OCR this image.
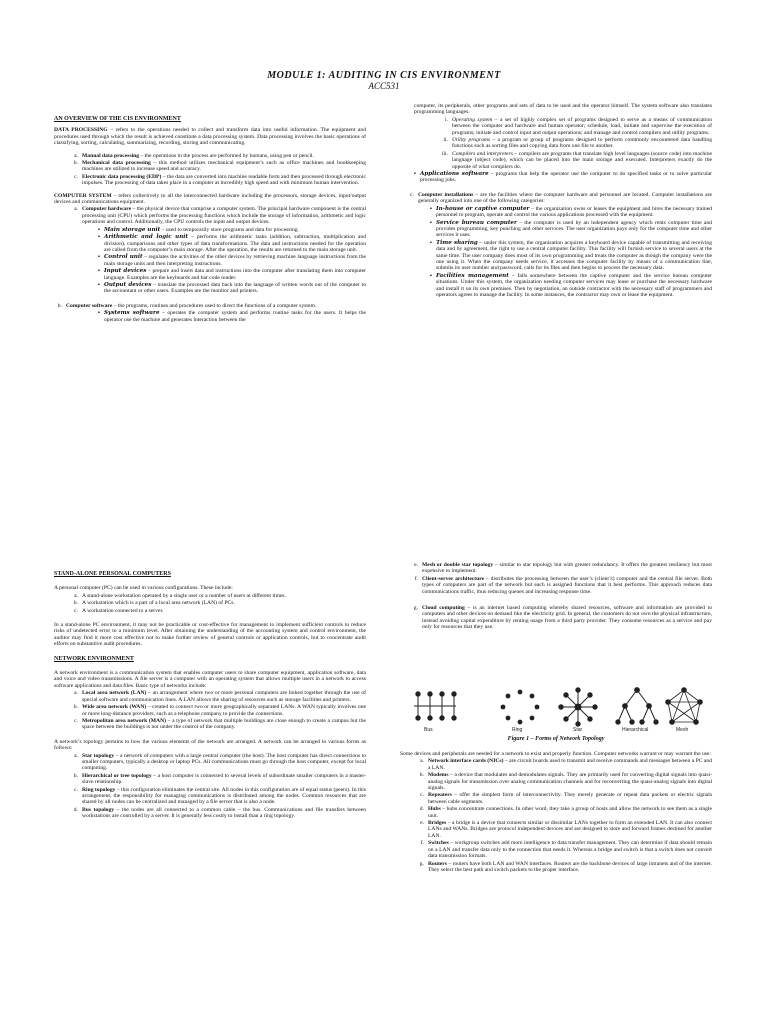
MODULE 1: AUDITING IN CIS ENVIRONMENT
ACC531
AN OVERVIEW OF THE CIS ENVIRONMENT

DATA PROCESSING – refers to the operations needed to collect and transform data into useful information. The equipment and procedures used through which the result is achieved constitute a data processing system. Data processing involves the basic operations of classifying, sorting, calculating, summarizing, recording, storing and communicating.

a. Manual data processing – the operations in the process are performed by humans, using pen or pencil.
b. Mechanical data processing – this method utilizes mechanical equipment’s such as office machines and bookkeeping machines are utilized to increase speed and accuracy.
c. Electronic data processing (EDP) – the data are converted into machine readable form and then processed through electronic impulses. The processing of data takes place in a computer at incredibly high speed and with minimum human intervention.

COMPUTER SYSTEM – refers collectively to all the interconnected hardware including the processors, storage devices, input/output devices and communications equipment.

a. Computer hardware – the physical device that comprise a computer system. The principal hardware component is the central processing unit (CPU) which performs the processing functions which include the storage of information, arithmetic and logic operations and control. Additionally, the CPU controls the input and output devices.
▪ Main storage unit – used to temporarily store programs and data for processing.
▪ Arithmetic and logic unit – performs the arithmetic tasks (addition, subtraction, multiplication and division), comparisons and other types of data transformations. The data and instructions needed for the operation are called from the computer’s main storage. After the operation, the results are returned to the main storage unit.
▪ Control unit – regulates the activities of the other devices by retrieving machine language instructions from the main storage units and then interpreting instructions.
▪ Input devices – prepare and insert data and instructions into the computer after translating them into computer language. Examples are the keyboards and bar code reader.
▪ Output devices – translate the processed data back into the language of written words out of the computer to the accountant or other users. Examples are the monitor and printers.
b. Computer software – the programs, routines and procedures used to direct the functions of a computer system.
▪ Systems software – operates the computer system and performs routine tasks for the users. It helps the operator use the machine and generates interaction between the

computer, its peripherals, other programs and sets of data to be used and the operator himself. The system software also translates programming languages.

i. Operating system – a set of highly complex set of programs designed to serve as a means of communication between the computer and hardware and human operator; schedule, load, initiate and supervise the execution of programs; initiate and control input and output operations; and manage and control compilers and utility programs.
ii. Utility programs – a program or group of programs designed to perform commonly encountered data handling functions such as sorting files and copying data from one file to another.
iii. Compilers and interpreters – compilers are programs that translate high level languages (source code) into machine language (object code), which can be placed into the main storage and executed. Interpreters exactly do the opposite of what compilers do.
▪ Applications software – programs that help the operator use the computer to do specified tasks or to solve particular processing jobs.
c. Computer installations – are the facilities where the computer hardware and personnel are located. Computer installations are generally organized into one of the following categories:
▪ In-house or captive computer – the organization owns or leases the equipment and hires the necessary trained personnel to program, operate and control the various applications processed with the equipment.
▪ Service bureau computer – the computer is used by an independent agency which rents computer time and provides programming, key punching and other services. The user organization pays only for the computer time and other services it uses.
▪ Time sharing – under this system, the organization acquires a keyboard device capable of transmitting and receiving data and by agreement, the right to use a central computer facility. This facility will furnish service to several users at the same time. The user company does most of its own programming and treats the computer as though the company were the one using it. When the company needs service, it accesses the computer facility by means of a communication line, submits its user number and password, calls for its files and then begins to process the necessary data.
▪ Facilities management – falls somewhere between the captive computer and the service bureau computer situations. Under this system, the organization needing computer services may lease or purchase the necessary hardware and install it on its own premises. Then by negotiation, an outside contractor with the necessary staff of programmers and operators agrees to manage the facility. In some instances, the contractor may own or lease the equipment.
STAND-ALONE PERSONAL COMPUTERS

A personal computer (PC) can be used in various configurations. These include:

a. A stand-alone workstation operated by a single user or a number of users at different times.
b. A workstation which is a part of a local area network (LAN) of PCs.
c. A workstation connected to a server.

In a stand-alone PC environment, it may not be practicable or cost-effective for management to implement sufficient controls to reduce risks of undetected error to a minimum level. After obtaining the understanding of the accounting system and control environment, the auditor may find it more cost effective not to make further review of general controls or application controls, but to concentrate audit efforts on substantive audit procedures.

NETWORK ENVIRONMENT

A network environment is a communication system that enables computer users to share computer equipment, application software, data and voice and video transmissions. A file server is a computer with an operating system that allows multiple users in a network to access software applications and data files. Basic type of networks include:

a. Local area network (LAN) – an arrangement where two or more personal computers are linked together through the use of special software and communication lines. A LAN allows the sharing of resources such as storage facilities and printers.
b. Wide area network (WAN) – created to connect two or more geographically separated LANs. A WAN typically involves one or more long-distance providers, such as a telephone company to provide the connections.
c. Metropolitan area network (MAN) – a type of network that multiple buildings are close enough to create a campus but the space between the buildings is not under the control of the company.

A network’s topology pertains to how the various elements of the network are arranged. A network can be arranged in various forms as follows:

a. Star topology – a network of computers with a large central computer (the host). The host computer has direct connections to smaller computers, typically a desktop or laptop PCs. All communications must go through the host computer, except for local computing.
b. Hierarchical or tree topology – a host computer is connected to several levels of subordinate smaller computers in a master-slave relationship.
c. Ring topology – this configuration eliminates the central site. All nodes in this configuration are of equal status (peers). In this arrangement, the responsibility for managing communications is distributed among the nodes. Common resources that are shared by all nodes can be centralized and managed by a file server that is also a node.
d. Bus topology – the nodes are all connected to a common cable – the bus. Communications and file transfers between workstations are controlled by a server. It is generally less costly to install than a ring topology.
e. Mesh or double star topology – similar to star topology but with greater redundancy. It offers the greatest resiliency but most expensive to implement.
f. Client-server architecture – distributes the processing between the user’s (client’s) computer and the central file server. Both types of computers are part of the network but each is assigned functions that it best performs. This approach reduces data communications traffic, thus reducing queues and increasing response time.
g. Cloud computing – is an internet based computing whereby shared resources, software and information are provided to computers and other devices on demand like the electricity grid. In general, the customers do not own the physical infrastructure, instead avoiding capital expenditure by renting usage from a third party provider. They consume resources as a service and pay only for resources that they use.
Bus	Ring	Star	Hierarchical	Mesh
Figure 1 – Forms of Network Topology

Some devices and peripherals are needed for a network to exist and properly function. Computer networks warrant or may warrant the use:

a. Network interface cards (NICs) – are circuit boards used to transmit and receive commands and messages between a PC and a LAN.
b. Modems – a device that modulates and demodulates signals. They are primarily used for converting digital signals into quasi-analog signals for transmission over analog communication channels and for reconverting the quasi-analog signals into digital signals.
c. Repeaters – offer the simplest form of interconnectivity. They merely generate or repeat data packets or electric signals between cable segments.
d. Hubs – hubs concentrate connections. In other word, they take a group of hosts and allow the network to see them as a single unit.
e. Bridges – a bridge is a device that connects similar or dissimilar LANs together to form an extended LAN. It can also connect LANs and WANs. Bridges are protocol independent devices and are designed to store and forward frames destined for another LAN.
f. Switches – workgroup switches add more intelligence to data transfer management. They can determine if data should remain on a LAN and transfer data only to the connection that needs it. Whereas a bridge and switch is that a switch does not convert data transmission formats.
g. Routers – routers have both LAN and WAN interfaces. Routers are the backbone devices of large intranets and of the internet. They select the best path and switch packets to the proper interface.
